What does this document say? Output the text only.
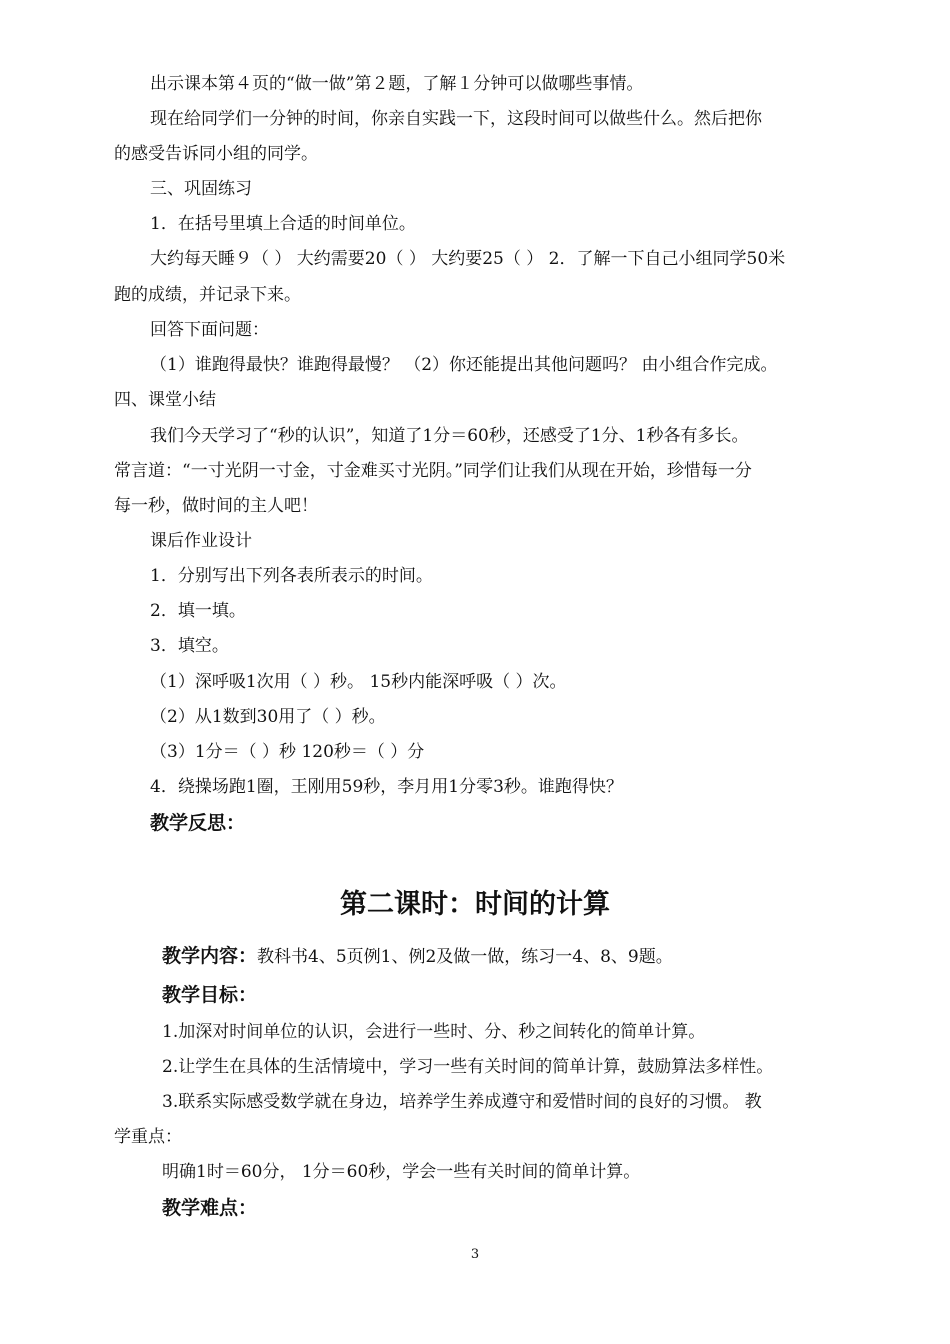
出示课本第４页的“做一做”第２题，了解１分钟可以做哪些事情。
现在给同学们一分钟的时间，你亲自实践一下，这段时间可以做些什么。然后把你
的感受告诉同小组的同学。
三、巩固练习
1．在括号里填上合适的时间单位。
大约每天睡９（ ） 大约需要20（ ） 大约要25（ ） 2．了解一下自己小组同学50米
跑的成绩，并记录下来。
回答下面问题：
（1）谁跑得最快？谁跑得最慢？ （2）你还能提出其他问题吗？ 由小组合作完成。
四、课堂小结
我们今天学习了“秒的认识”，知道了1分＝60秒，还感受了1分、1秒各有多长。
常言道：“一寸光阴一寸金，寸金难买寸光阴。”同学们让我们从现在开始，珍惜每一分
每一秒，做时间的主人吧！
课后作业设计
1．分别写出下列各表所表示的时间。
2．填一填。
3．填空。
（1）深呼吸1次用（ ）秒。 15秒内能深呼吸（ ）次。
（2）从1数到30用了（ ）秒。
（3）1分＝（ ）秒 120秒＝（ ）分
4．绕操场跑1圈，王刚用59秒，李月用1分零3秒。谁跑得快？
教学反思：
第二课时：时间的计算
教学内容：教科书4、5页例1、例2及做一做，练习一4、8、9题。
教学目标：
1.加深对时间单位的认识，会进行一些时、分、秒之间转化的简单计算。
2.让学生在具体的生活情境中，学习一些有关时间的简单计算，鼓励算法多样性。
3.联系实际感受数学就在身边，培养学生养成遵守和爱惜时间的良好的习惯。 教
学重点：
明确1时＝60分， 1分＝60秒，学会一些有关时间的简单计算。
教学难点：
3
